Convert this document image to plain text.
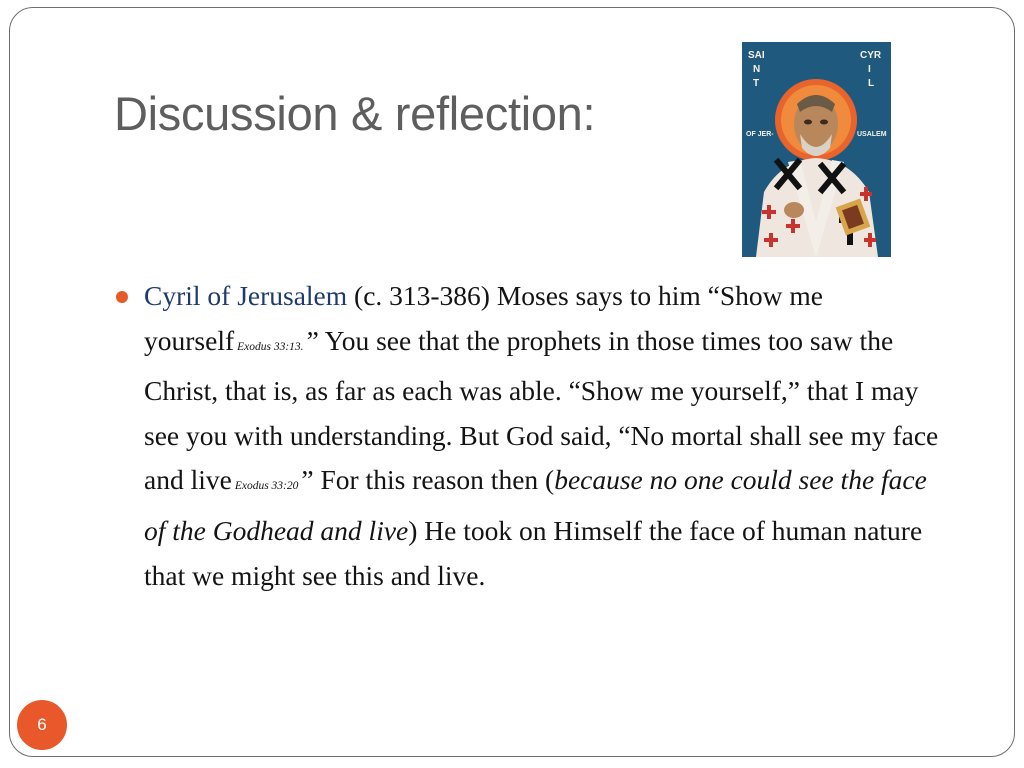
Discussion & reflection:
SAI
N
T
OF JER-
CYR
I
L
USALEM

Cyril of Jerusalem (c. 313-386) Moses says to him “Show me yourself Exodus 33:13. ” You see that the prophets in those times too saw the Christ, that is, as far as each was able. “Show me yourself,” that I may see you with understanding. But God said, “No mortal shall see my face and live Exodus 33:20 ” For this reason then (because no one could see the face of the Godhead and live) He took on Himself the face of human nature that we might see this and live.

6
